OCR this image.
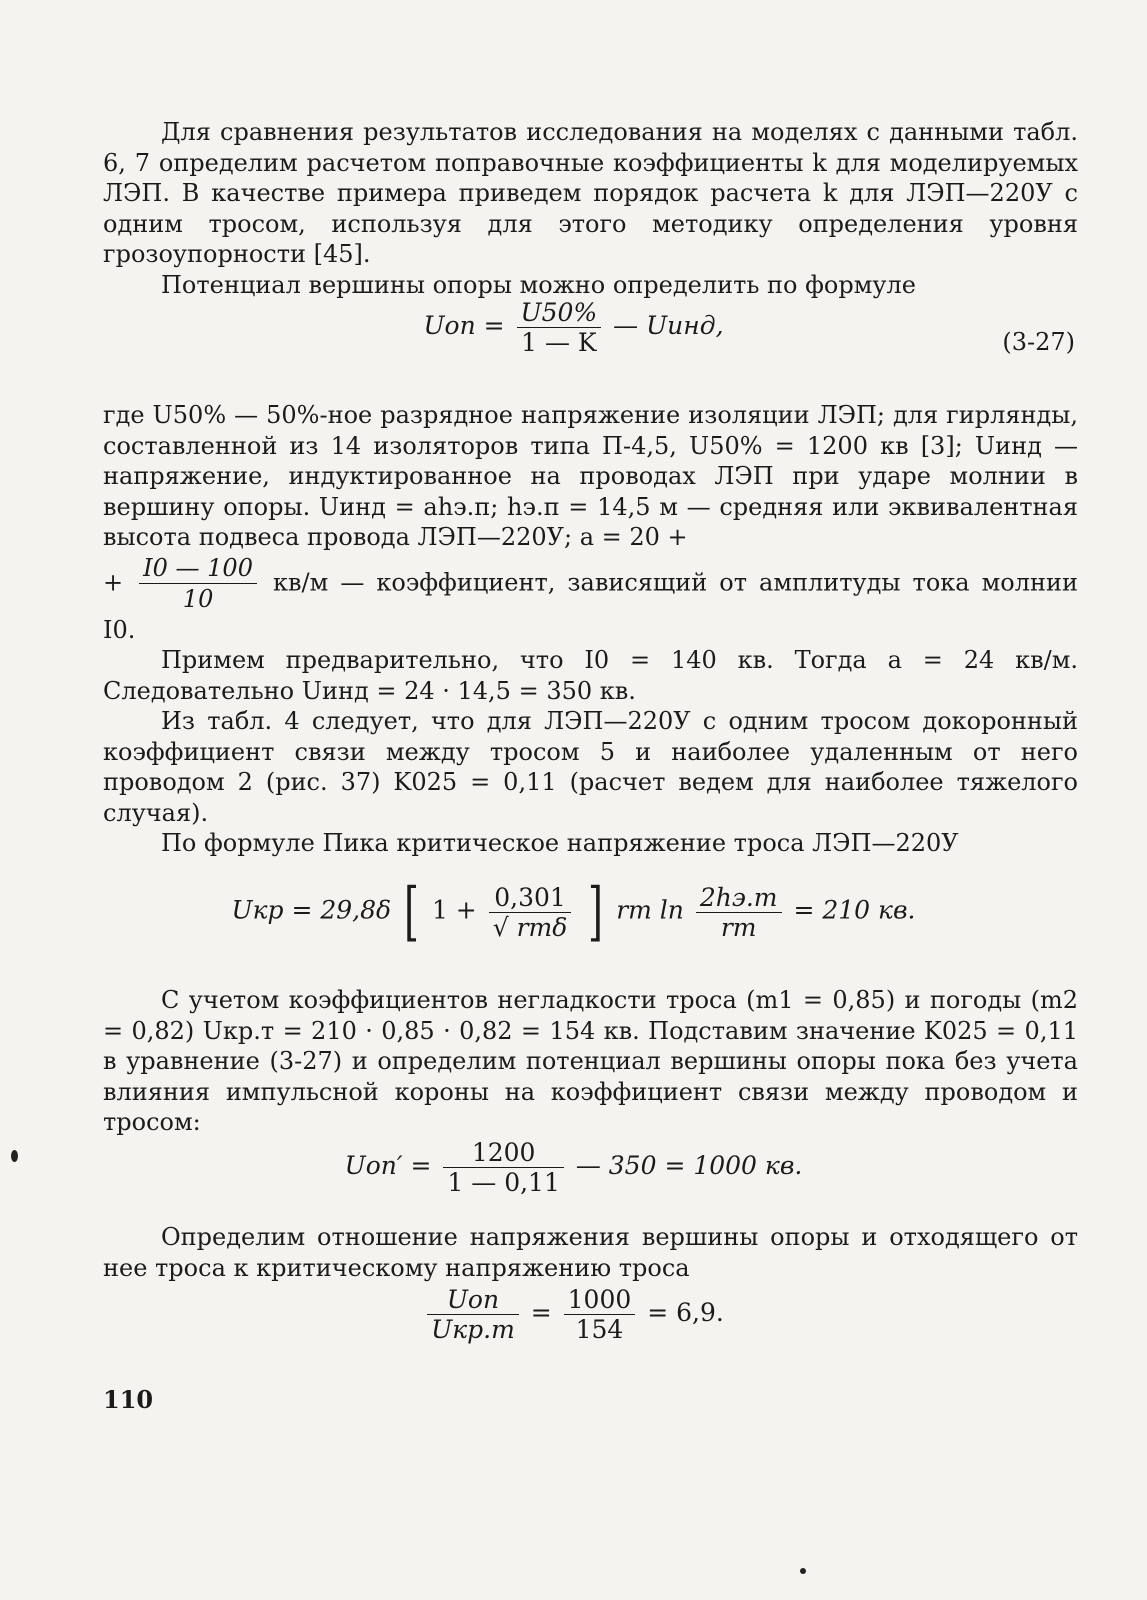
Для сравнения результатов исследования на моделях с данными табл. 6, 7 определим расчетом поправочные коэффициенты k для моделируемых ЛЭП. В качестве примера приведем порядок расчета k для ЛЭП—220У с одним тросом, используя для этого методику определения уровня грозоупорности [45].

Потенциал вершины опоры можно определить по формуле

Uоп = $\frac{U50\%}{1 — K}$ — Uинд,
(3-27)

где U50% — 50%-ное разрядное напряжение изоляции ЛЭП; для гирлянды, составленной из 14 изоляторов типа П-4,5, U50% = 1200 кв [3]; Uинд — напряжение, индуктированное на проводах ЛЭП при ударе молнии в вершину опоры. Uинд = ahэ.п; hэ.п = 14,5 м — средняя или эквивалентная высота подвеса провода ЛЭП—220У; a = 20 +

+ $\frac{I0 — 100}{10} кв/м$ — коэффициент, зависящий от амплитуды тока молнии I0.

Примем предварительно, что I0 = 140 кв. Тогда a = 24 кв/м. Следовательно Uинд = 24 · 14,5 = 350 кв.

Из табл. 4 следует, что для ЛЭП—220У с одним тросом докоронный коэффициент связи между тросом 5 и наиболее удаленным от него проводом 2 (рис. 37) K025 = 0,11 (расчет ведем для наиболее тяжелого случая).

По формуле Пика критическое напряжение троса ЛЭП—220У

Uкр = 29,8δ [ $1 + \frac{0,301}{\text{√ rтδ}}$ ] rт $\ln \frac{2hэ.т}{rт} = 210$ кв.

С учетом коэффициентов негладкости троса (m1 = 0,85) и погоды (m2 = 0,82) Uкр.т = 210 · 0,85 · 0,82 = 154 кв. Подставим значение K025 = 0,11 в уравнение (3-27) и определим потенциал вершины опоры пока без учета влияния импульсной короны на коэффициент связи между проводом и тросом:

$Uоп' = \frac{1200}{1 — 0,11}$ — 350 = 1000 кв.

Определим отношение напряжения вершины опоры и отходящего от нее троса к критическому напряжению троса

$\frac{\text{Uоп}}{\text{Uкр.т}} = \frac{1000}{154} = 6,9$.
110
